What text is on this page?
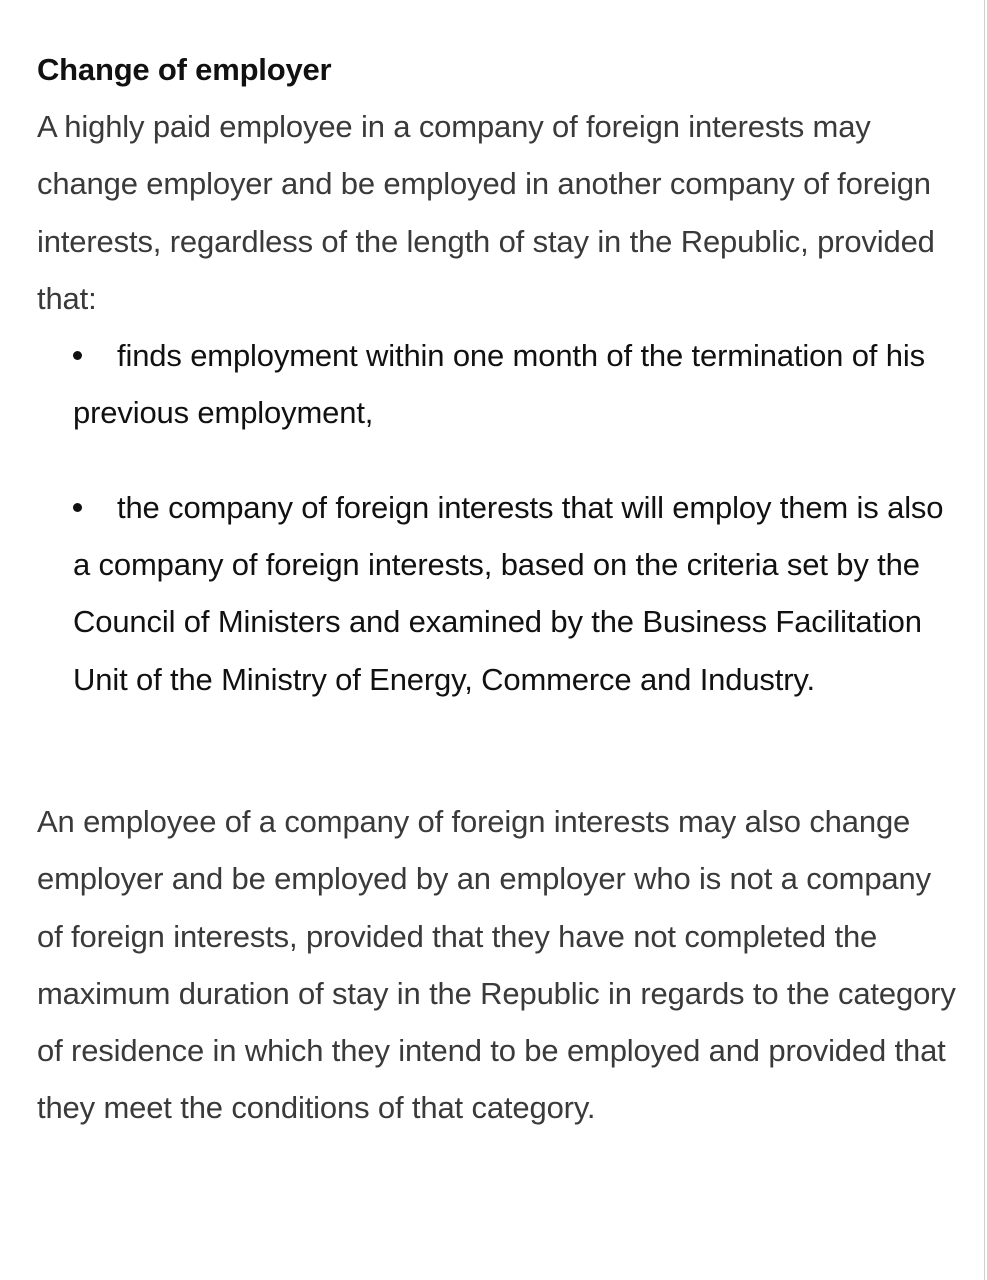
Change of employer

A highly paid employee in a company of foreign interests may change employer and be employed in another company of foreign interests, regardless of the length of stay in the Republic, provided that:

finds employment within one month of the termination of his previous employment,
the company of foreign interests that will employ them is also a company of foreign interests, based on the criteria set by the Council of Ministers and examined by the Business Facilitation Unit of the Ministry of Energy, Commerce and Industry.

An employee of a company of foreign interests may also change employer and be employed by an employer who is not a company of foreign interests, provided that they have not completed the maximum duration of stay in the Republic in regards to the category of residence in which they intend to be employed and provided that they meet the conditions of that category.
